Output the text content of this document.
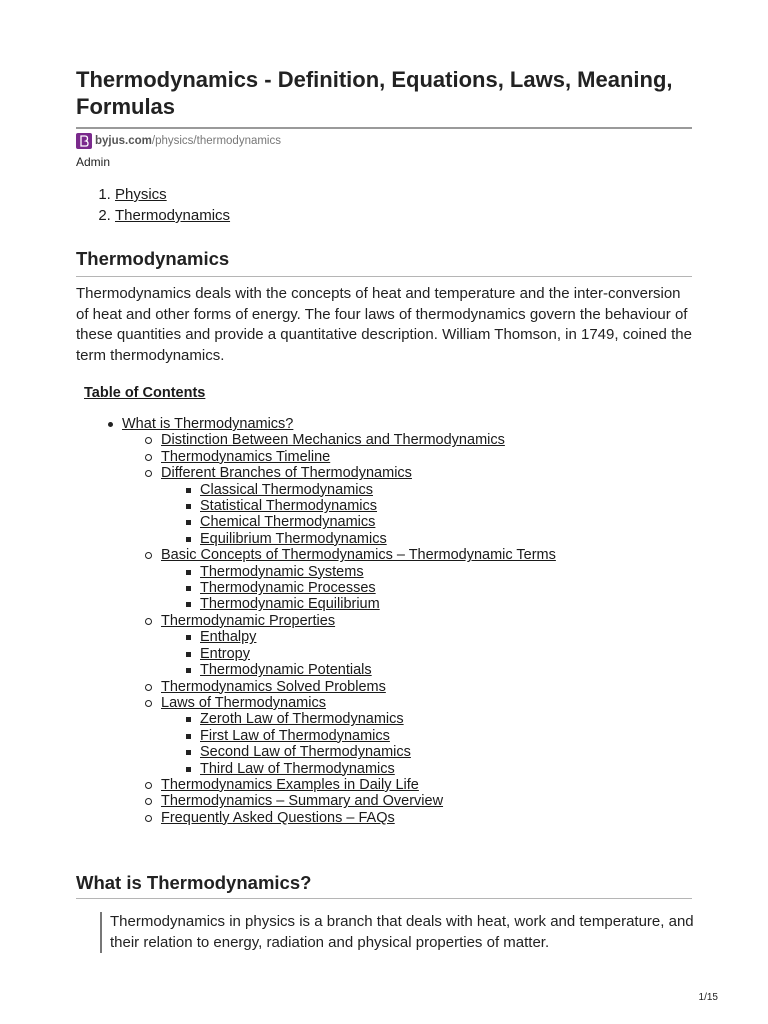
Thermodynamics - Definition, Equations, Laws, Meaning, Formulas
byjus.com /physics/thermodynamics
Admin
1. Physics
2. Thermodynamics
Thermodynamics

Thermodynamics deals with the concepts of heat and temperature and the inter-conversion of heat and other forms of energy. The four laws of thermodynamics govern the behaviour of these quantities and provide a quantitative description. William Thomson, in 1749, coined the term thermodynamics.

Table of Contents
What is Thermodynamics?
Distinction Between Mechanics and Thermodynamics
Thermodynamics Timeline
Different Branches of Thermodynamics
Classical Thermodynamics
Statistical Thermodynamics
Chemical Thermodynamics
Equilibrium Thermodynamics
Basic Concepts of Thermodynamics – Thermodynamic Terms
Thermodynamic Systems
Thermodynamic Processes
Thermodynamic Equilibrium
Thermodynamic Properties
Enthalpy
Entropy
Thermodynamic Potentials
Thermodynamics Solved Problems
Laws of Thermodynamics
Zeroth Law of Thermodynamics
First Law of Thermodynamics
Second Law of Thermodynamics
Third Law of Thermodynamics
Thermodynamics Examples in Daily Life
Thermodynamics – Summary and Overview
Frequently Asked Questions – FAQs
What is Thermodynamics?
Thermodynamics in physics is a branch that deals with heat, work and temperature, and their relation to energy, radiation and physical properties of matter.
1/15
